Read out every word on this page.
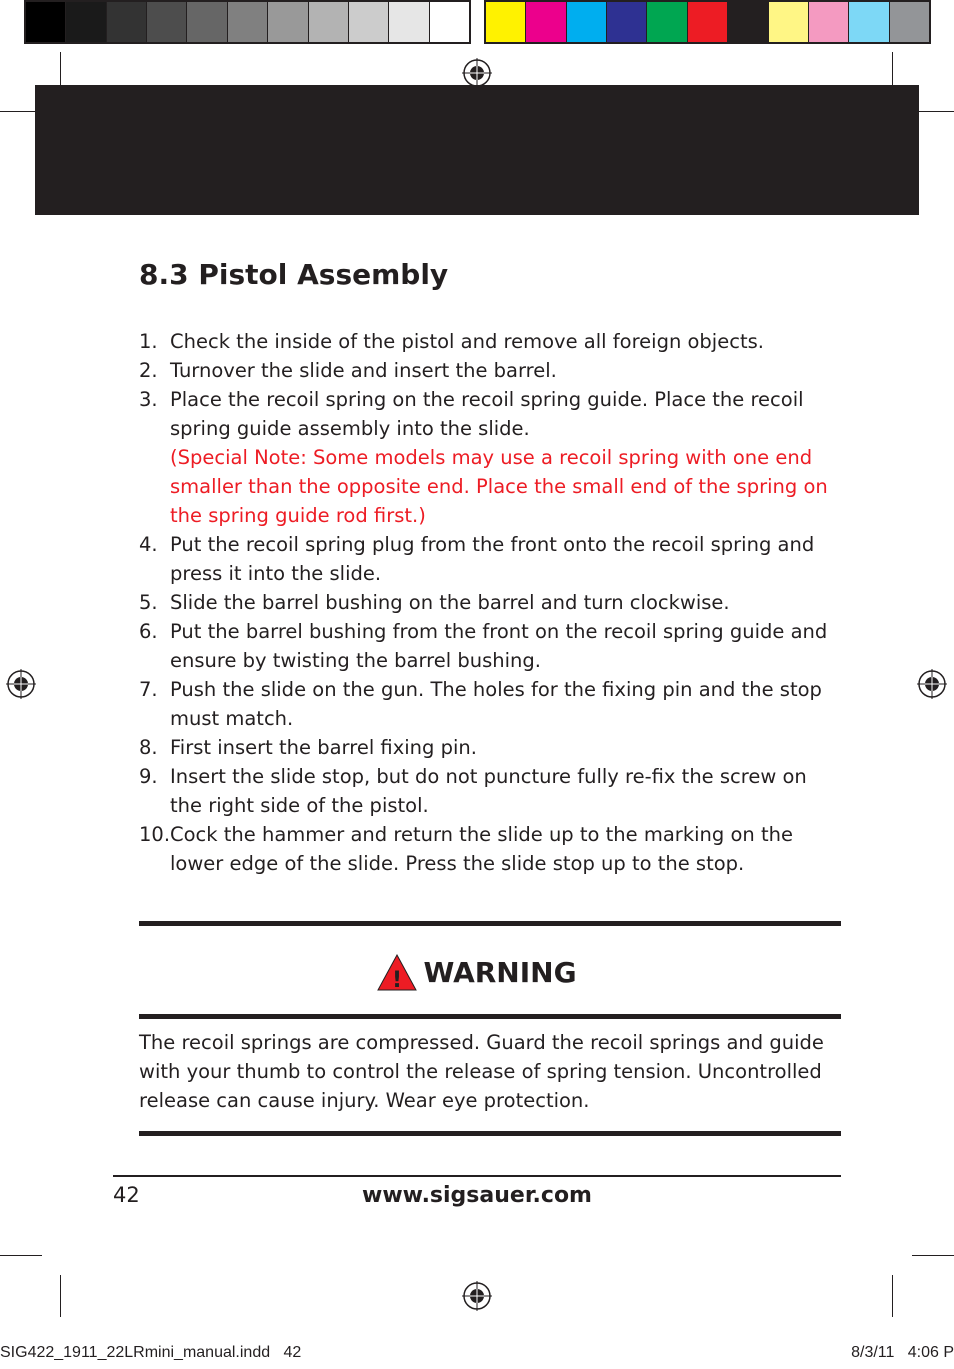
8.3 Pistol Assembly
1. Check the inside of the pistol and remove all foreign objects.
2. Turnover the slide and insert the barrel.
3. Place the recoil spring on the recoil spring guide. Place the recoil spring guide assembly into the slide.
(Special Note: Some models may use a recoil spring with one end smaller than the opposite end. Place the small end of the spring on the spring guide rod first.)
4. Put the recoil spring plug from the front onto the recoil spring and press it into the slide.
5. Slide the barrel bushing on the barrel and turn clockwise.
6. Put the barrel bushing from the front on the recoil spring guide and ensure by twisting the barrel bushing.
7. Push the slide on the gun. The holes for the fixing pin and the stop must match.
8. First insert the barrel fixing pin.
9. Insert the slide stop, but do not puncture fully re-fix the screw on the right side of the pistol.
10. Cock the hammer and return the slide up to the marking on the lower edge of the slide. Press the slide stop up to the stop.
! WARNING

The recoil springs are compressed. Guard the recoil springs and guide with your thumb to control the release of spring tension. Uncontrolled release can cause injury. Wear eye protection.

42	www.sigsauer.com
SIG422_1911_22LRmini_manual.indd   42	8/3/11   4:06 P
